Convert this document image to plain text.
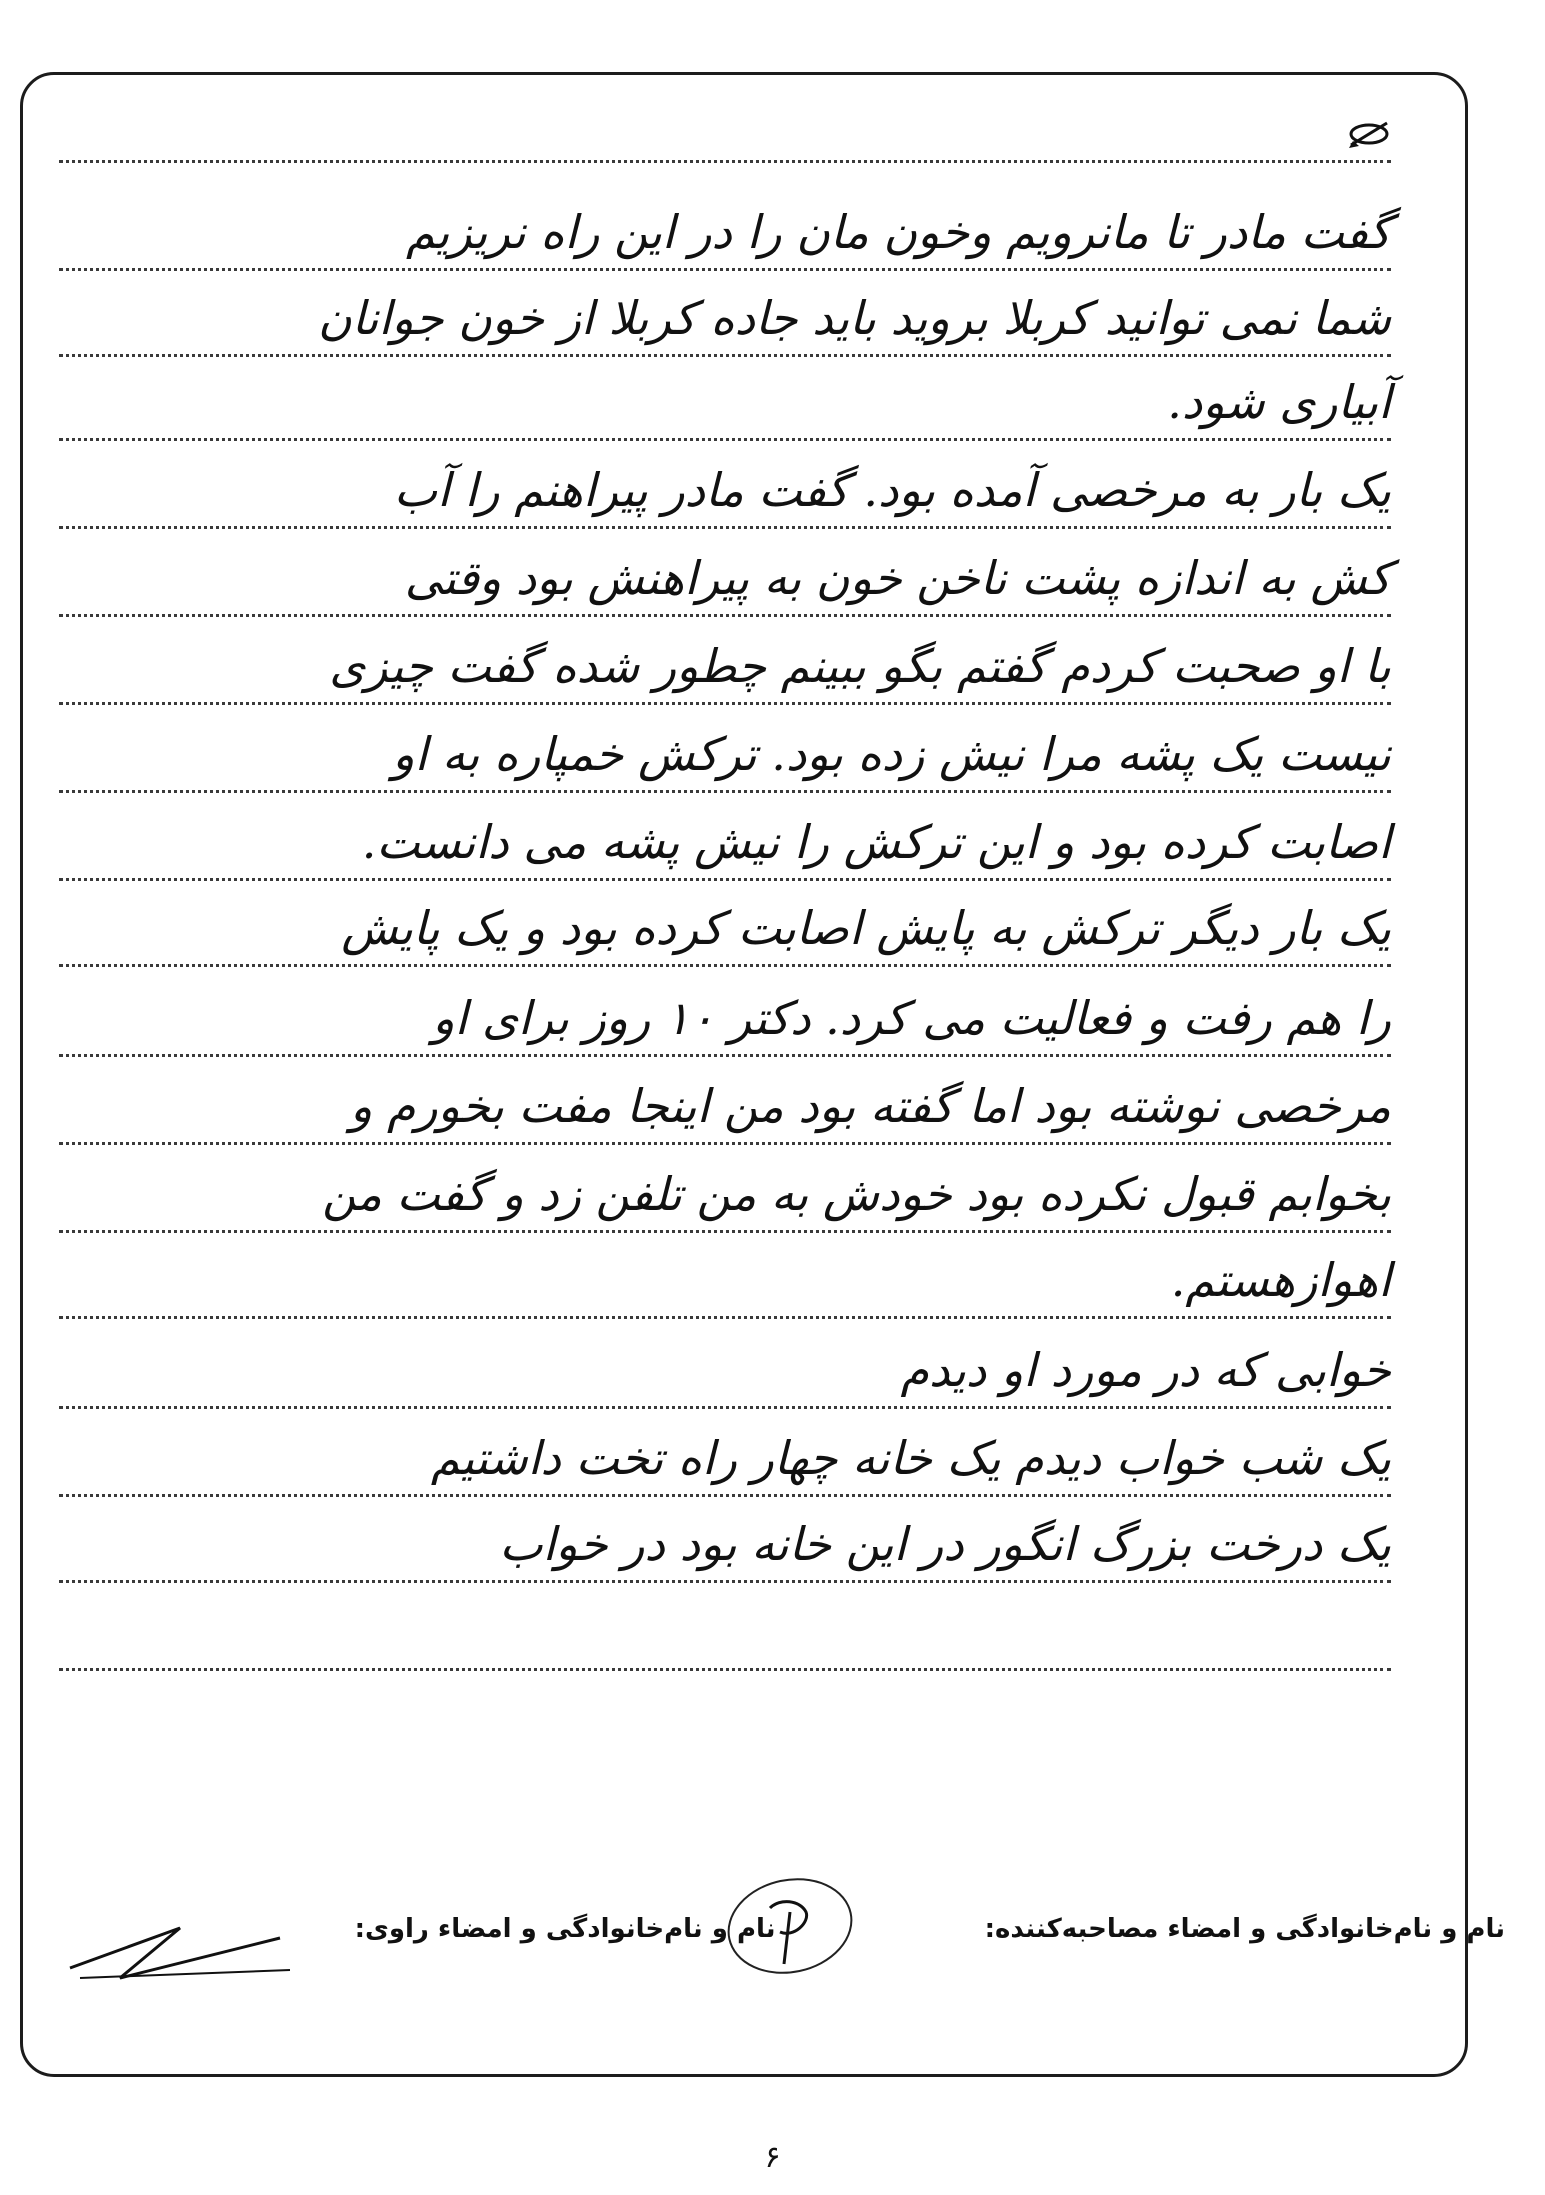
گفت مادر تا مانرویم وخون مان را در این راه نریزیم
شما نمی توانید کربلا بروید باید جاده کربلا از خون جوانان
آبیاری شود.
یک بار به مرخصی آمده بود. گفت مادر پیراهنم را آب
کش به اندازه پشت ناخن خون به پیراهنش بود وقتی
با او صحبت کردم گفتم بگو ببینم چطور شده گفت چیزی
نیست یک پشه مرا نیش زده بود. ترکش خمپاره به او
اصابت کرده بود و این ترکش را نیش پشه می دانست.
یک بار دیگر ترکش به پایش اصابت کرده بود و یک پایش
را هم رفت و فعالیت می کرد. دکتر ۱۰ روز برای او
مرخصی نوشته بود اما گفته بود من اینجا مفت بخورم و
بخوابم قبول نکرده بود خودش به من تلفن زد و گفت من
اهوازهستم.
خوابی که در مورد او دیدم
یک شب خواب دیدم یک خانه چهار راه تخت داشتیم
یک درخت بزرگ انگور در این خانه بود در خواب
نام و نام‌خانوادگی و امضاء مصاحبه‌کننده: نام و نام‌خانوادگی و امضاء راوی:
۶
